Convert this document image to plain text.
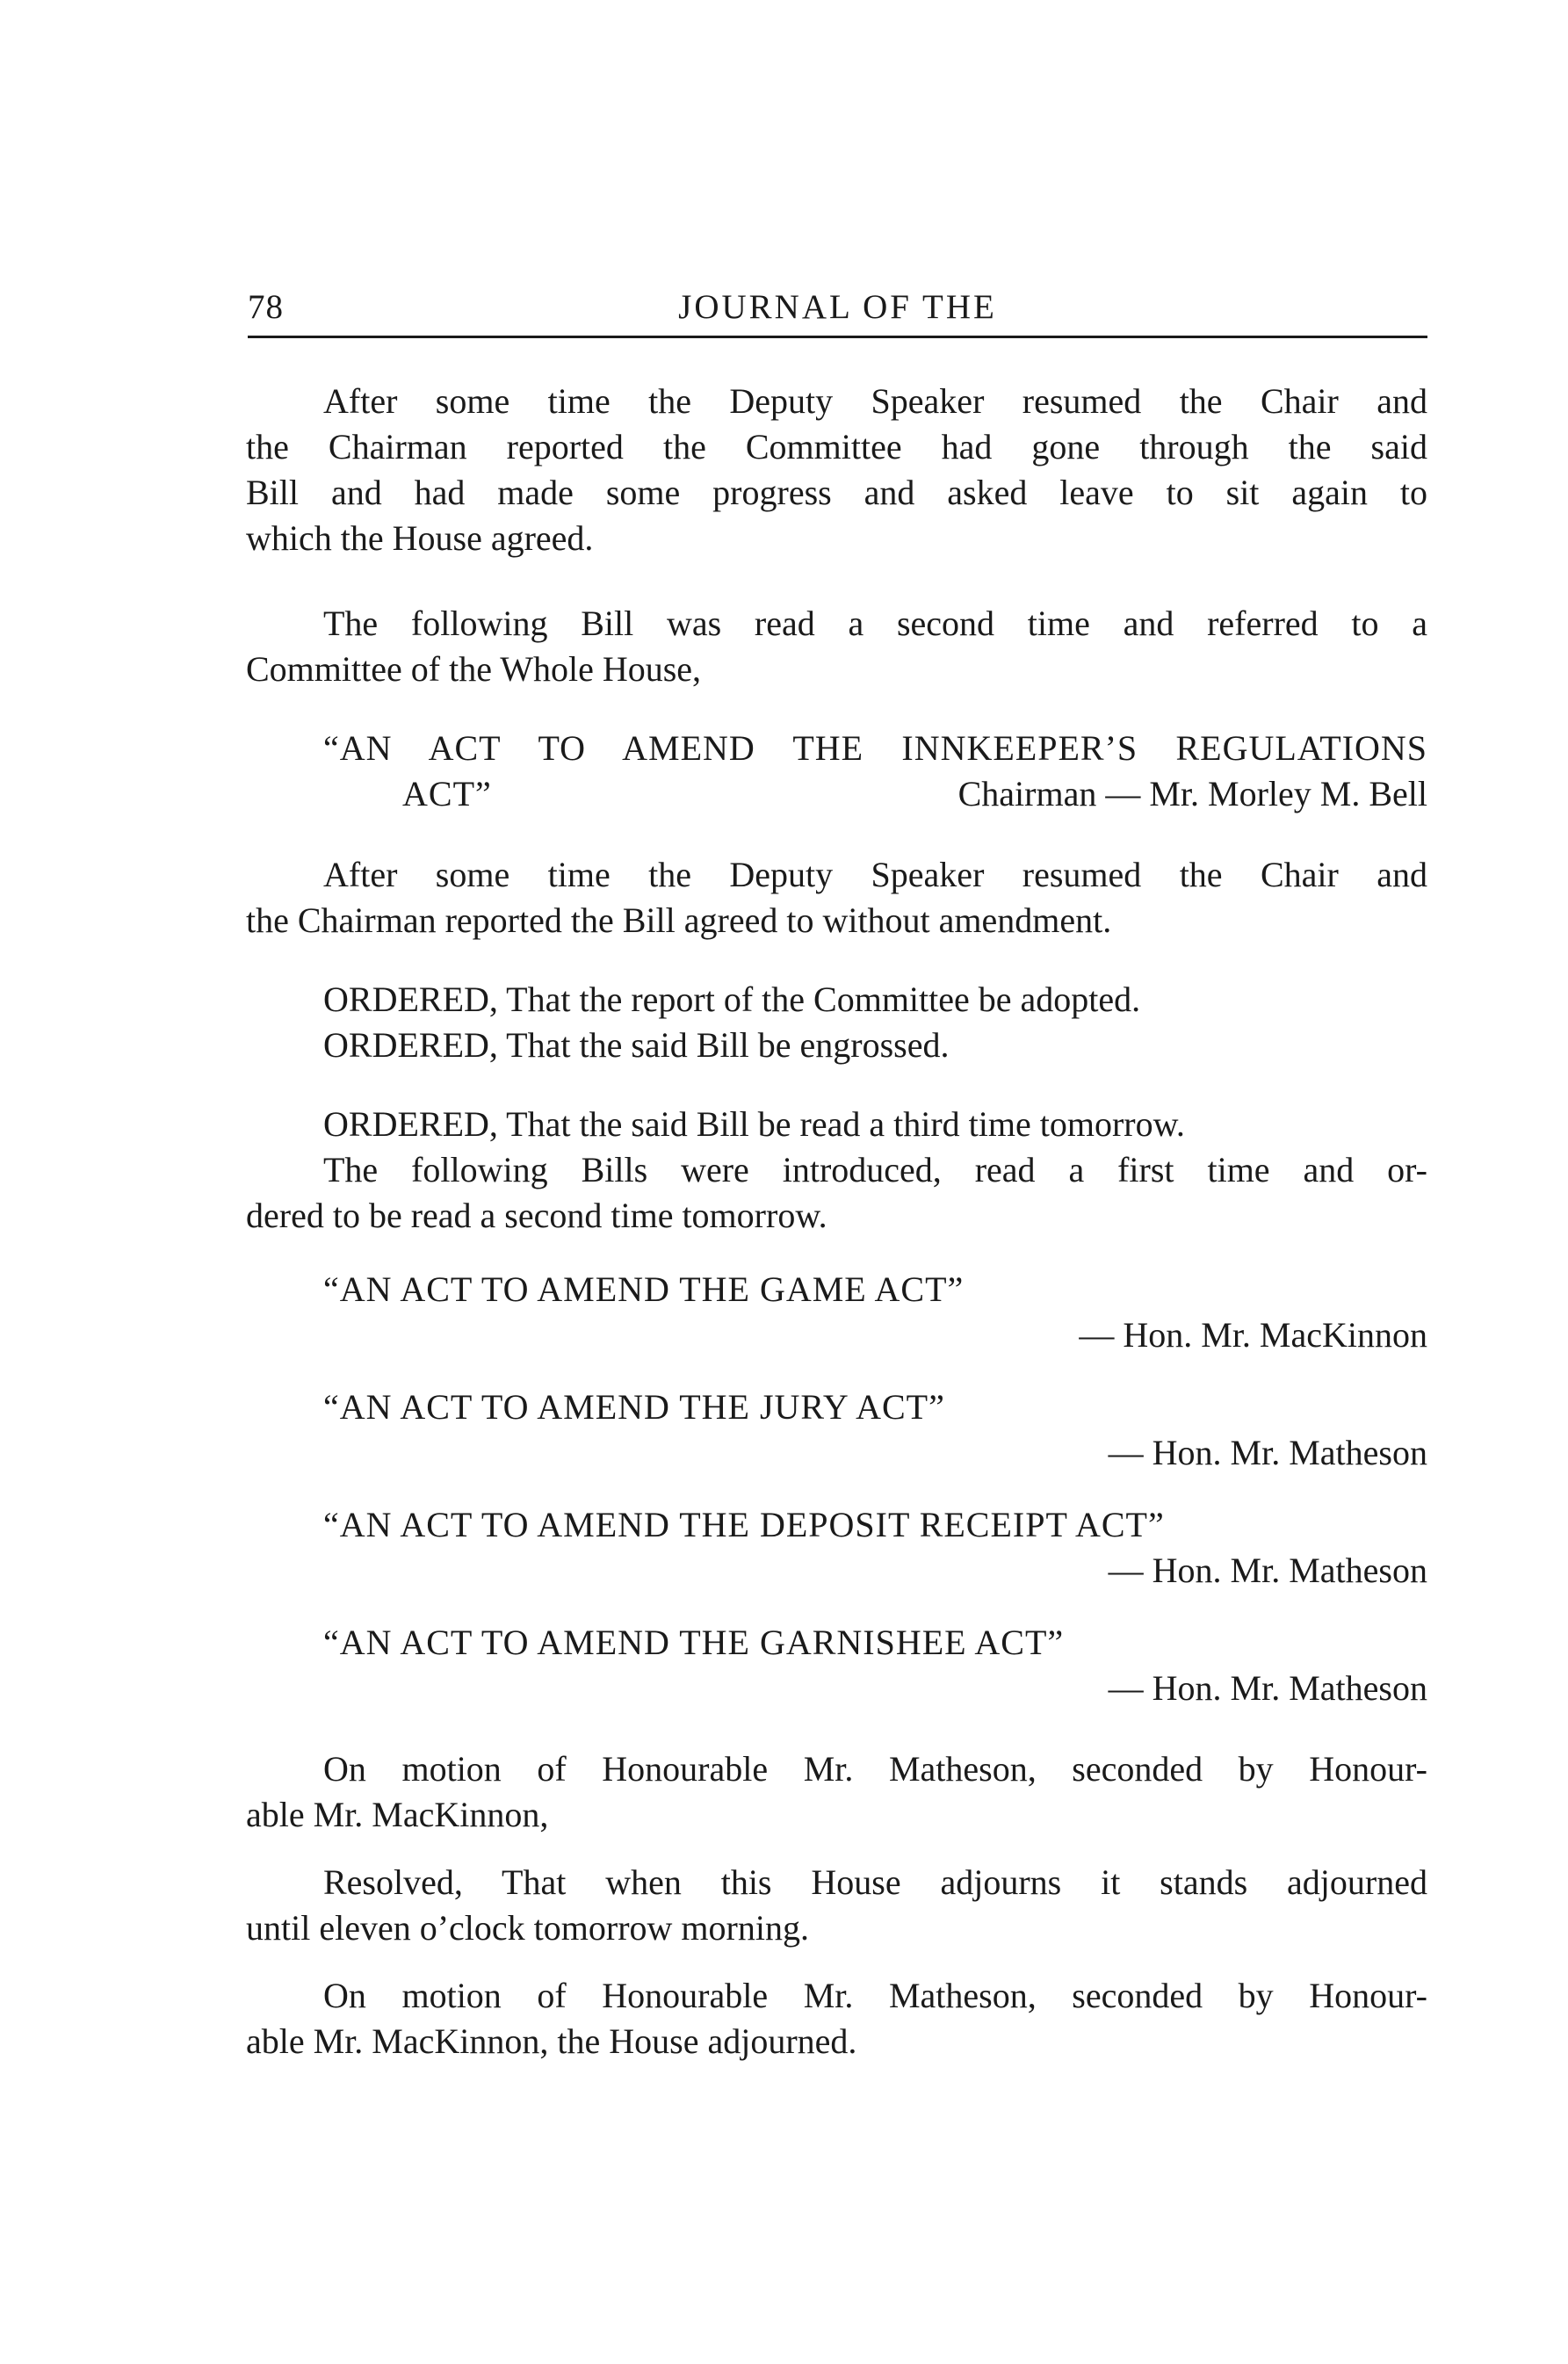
78	JOURNAL OF THE
After some time the Deputy Speaker resumed the Chair and
the Chairman reported the Committee had gone through the said
Bill and had made some progress and asked leave to sit again to
which the House agreed.
The following Bill was read a second time and referred to a
Committee of the Whole House,
“AN ACT TO AMEND THE INNKEEPER’S REGULATIONS
ACT”	Chairman — Mr. Morley M. Bell
After some time the Deputy Speaker resumed the Chair and
the Chairman reported the Bill agreed to without amendment.
ORDERED, That the report of the Committee be adopted.
ORDERED, That the said Bill be engrossed.
ORDERED, That the said Bill be read a third time tomorrow.
The following Bills were introduced, read a first time and or-
dered to be read a second time tomorrow.
“AN ACT TO AMEND THE GAME ACT”
— Hon. Mr. MacKinnon
“AN ACT TO AMEND THE JURY ACT”
— Hon. Mr. Matheson
“AN ACT TO AMEND THE DEPOSIT RECEIPT ACT”
— Hon. Mr. Matheson
“AN ACT TO AMEND THE GARNISHEE ACT”
— Hon. Mr. Matheson
On motion of Honourable Mr. Matheson, seconded by Honour-
able Mr. MacKinnon,
Resolved, That when this House adjourns it stands adjourned
until eleven o’clock tomorrow morning.
On motion of Honourable Mr. Matheson, seconded by Honour-
able Mr. MacKinnon, the House adjourned.
